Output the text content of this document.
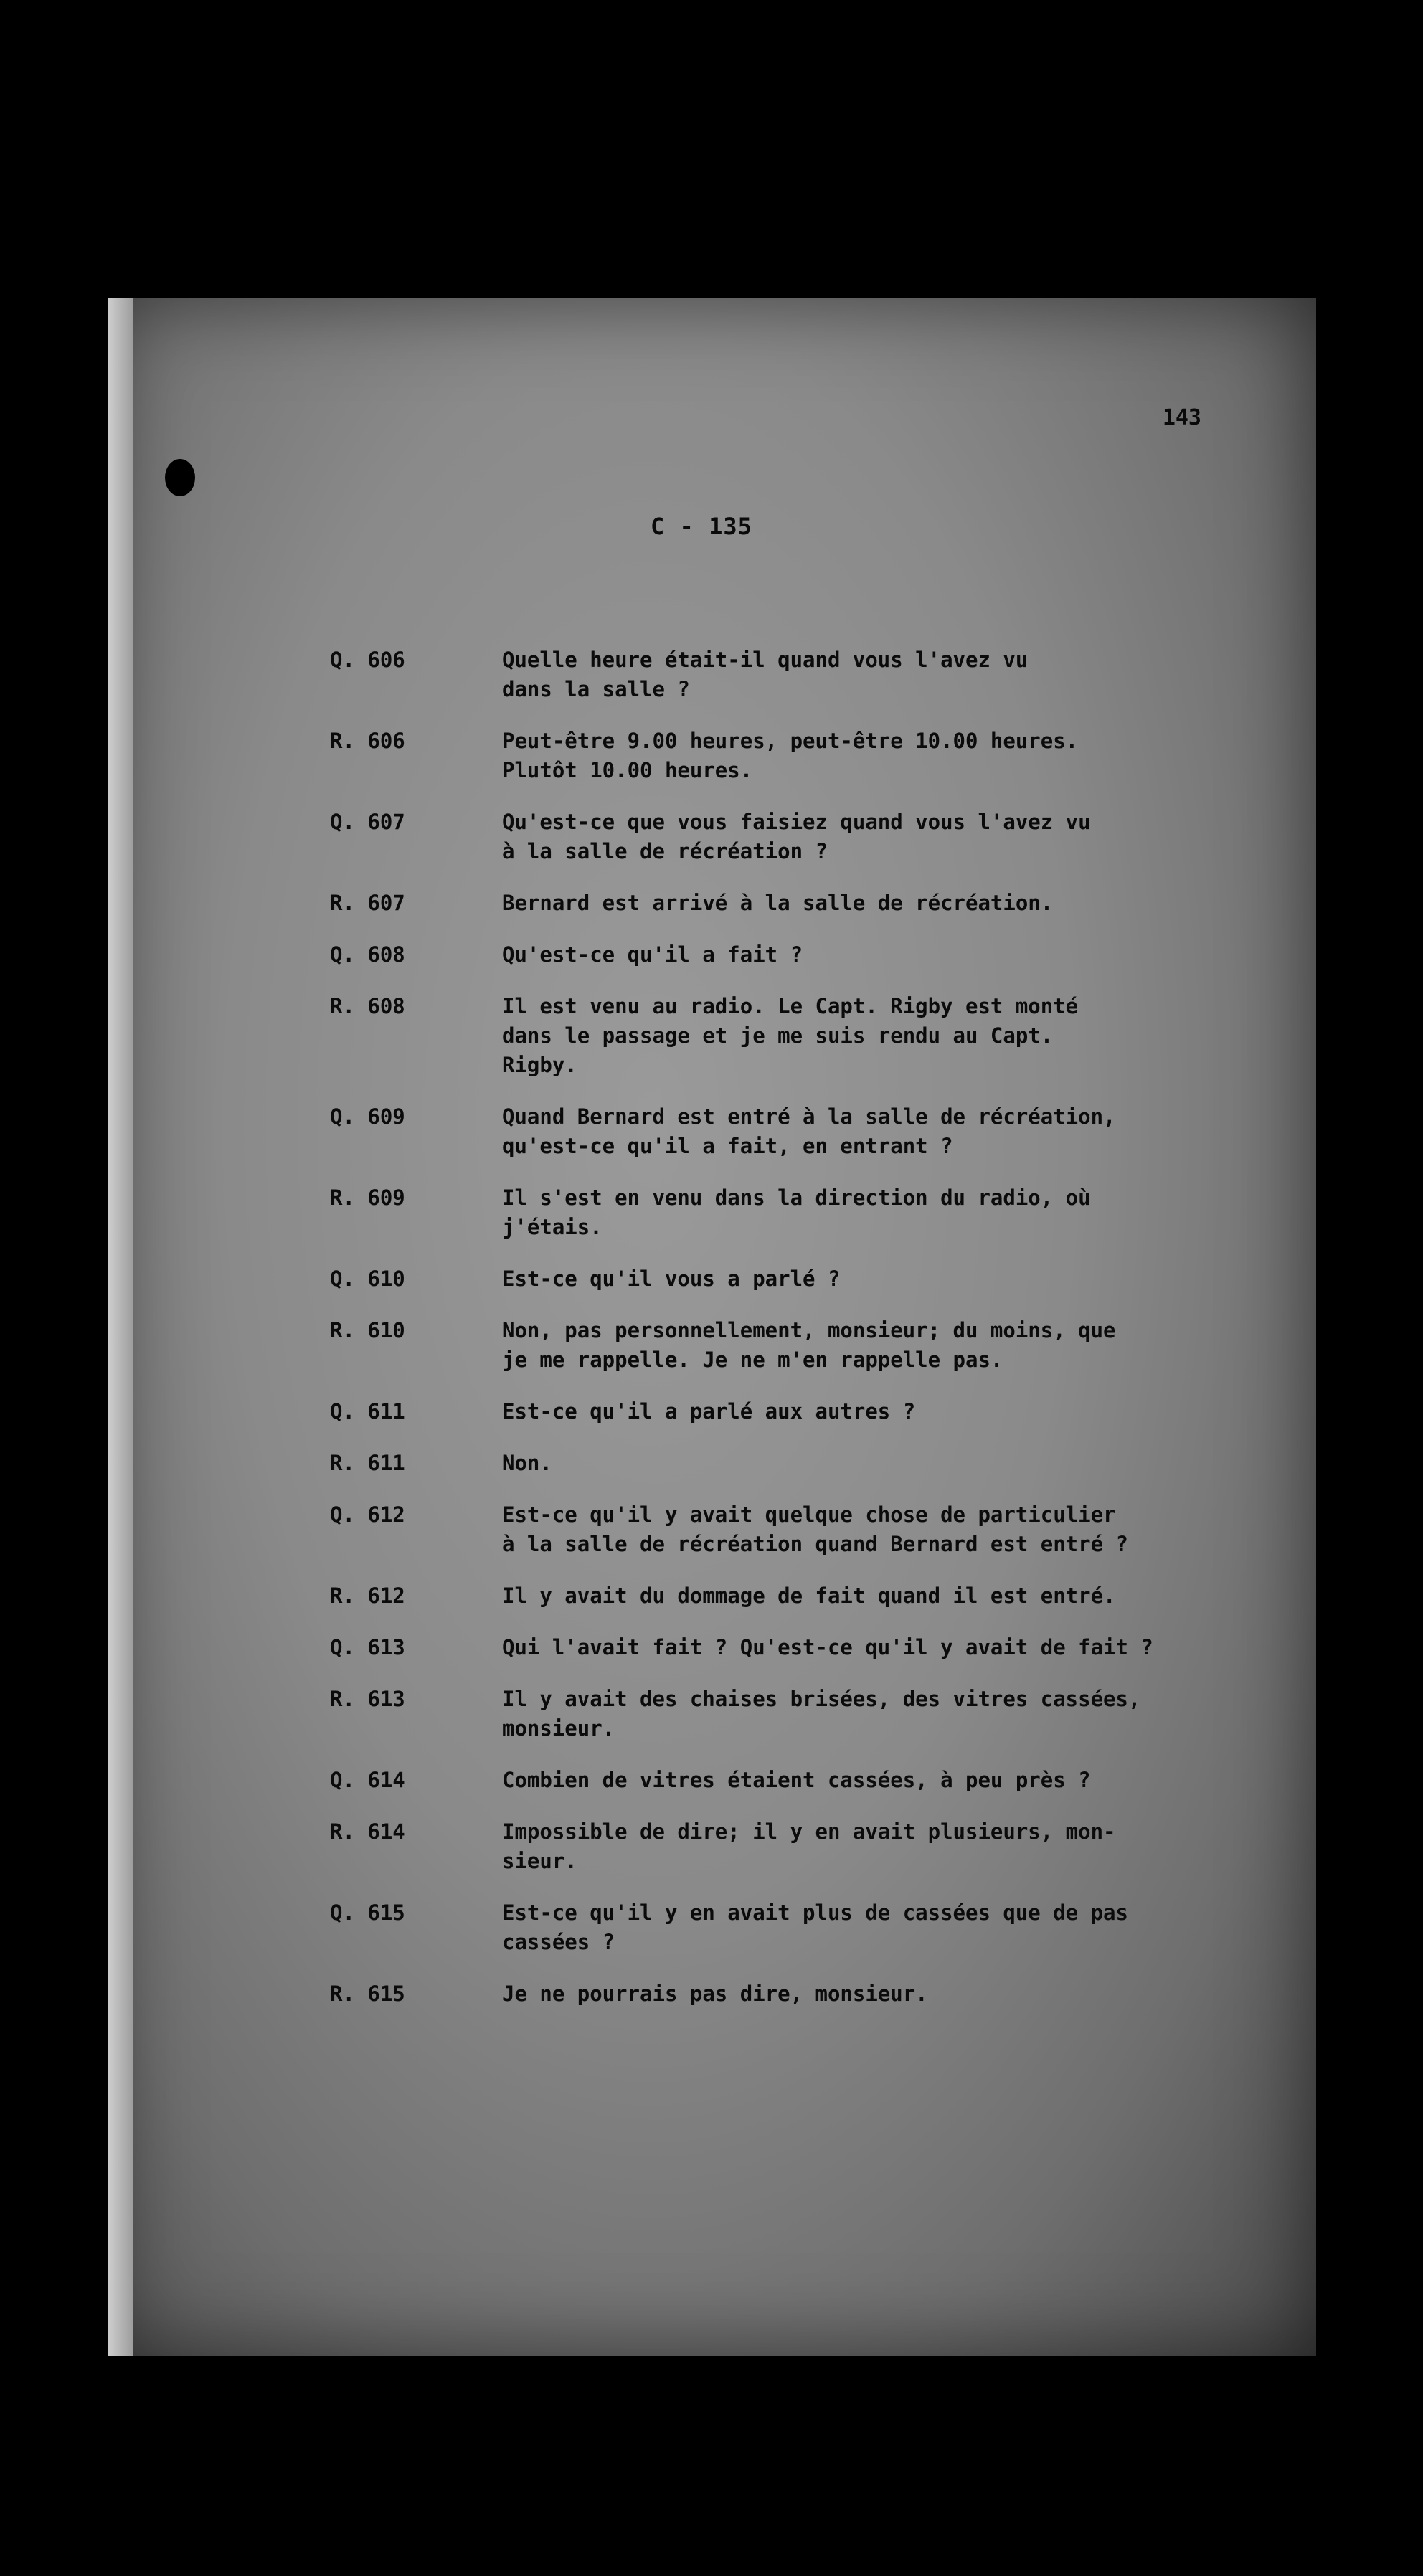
143
C - 135
Q. 606	Quelle heure était-il quand vous l'avez vu
dans la salle ?
R. 606	Peut-être 9.00 heures, peut-être 10.00 heures.
Plutôt 10.00 heures.
Q. 607	Qu'est-ce que vous faisiez quand vous l'avez vu
à la salle de récréation ?
R. 607	Bernard est arrivé à la salle de récréation.
Q. 608	Qu'est-ce qu'il a fait ?
R. 608	Il est venu au radio. Le Capt. Rigby est monté
dans le passage et je me suis rendu au Capt.
Rigby.
Q. 609	Quand Bernard est entré à la salle de récréation,
qu'est-ce qu'il a fait, en entrant ?
R. 609	Il s'est en venu dans la direction du radio, où
j'étais.
Q. 610	Est-ce qu'il vous a parlé ?
R. 610	Non, pas personnellement, monsieur; du moins, que
je me rappelle. Je ne m'en rappelle pas.
Q. 611	Est-ce qu'il a parlé aux autres ?
R. 611	Non.
Q. 612	Est-ce qu'il y avait quelque chose de particulier
à la salle de récréation quand Bernard est entré ?
R. 612	Il y avait du dommage de fait quand il est entré.
Q. 613	Qui l'avait fait ? Qu'est-ce qu'il y avait de fait ?
R. 613	Il y avait des chaises brisées, des vitres cassées,
monsieur.
Q. 614	Combien de vitres étaient cassées, à peu près ?
R. 614	Impossible de dire; il y en avait plusieurs, mon-
sieur.
Q. 615	Est-ce qu'il y en avait plus de cassées que de pas
cassées ?
R. 615	Je ne pourrais pas dire, monsieur.
